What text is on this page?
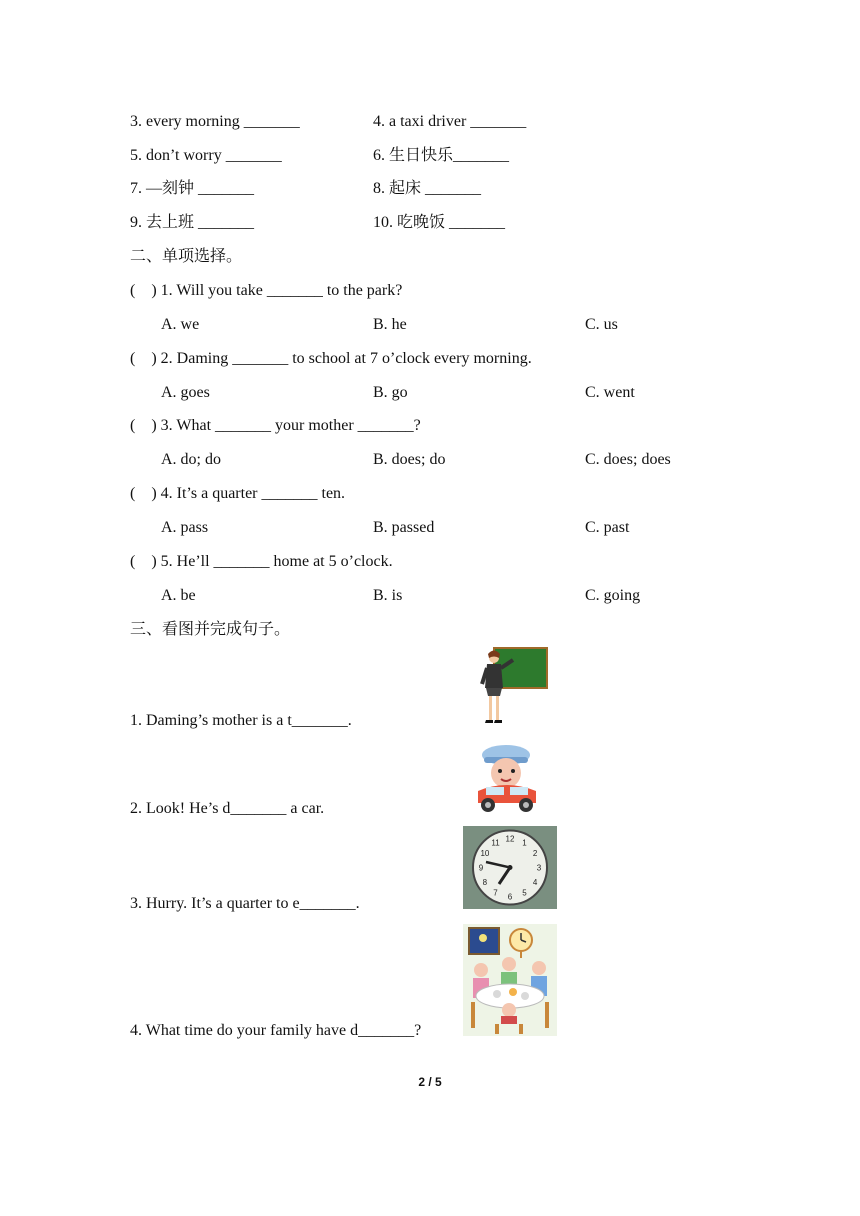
3. every morning _______	4. a taxi driver _______
5. don’t worry _______	6. 生日快乐_______
7. —刻钟 _______	8. 起床 _______
9. 去上班 _______	10. 吃晚饭 _______
二、单项选择。
(    ) 1. Will you take _______ to the park?
A. we	B. he	C. us
(    ) 2. Daming _______ to school at 7 o’clock every morning.
A. goes	B. go	C. went
(    ) 3. What _______ your mother _______?
A. do; do	B. does; do	C. does; does
(    ) 4. It’s a quarter _______ ten.
A. pass	B. passed	C. past
(    ) 5. He’ll _______ home at 5 o’clock.
A. be	B. is	C. going
三、看图并完成句子。
1. Daming’s mother is a t_______.
2. Look! He’s d_______ a car.
12 1
2
3
4
5
6
7
8
9
10
11
3. Hurry. It’s a quarter to e_______.
4. What time do your family have d_______?
2 / 5
